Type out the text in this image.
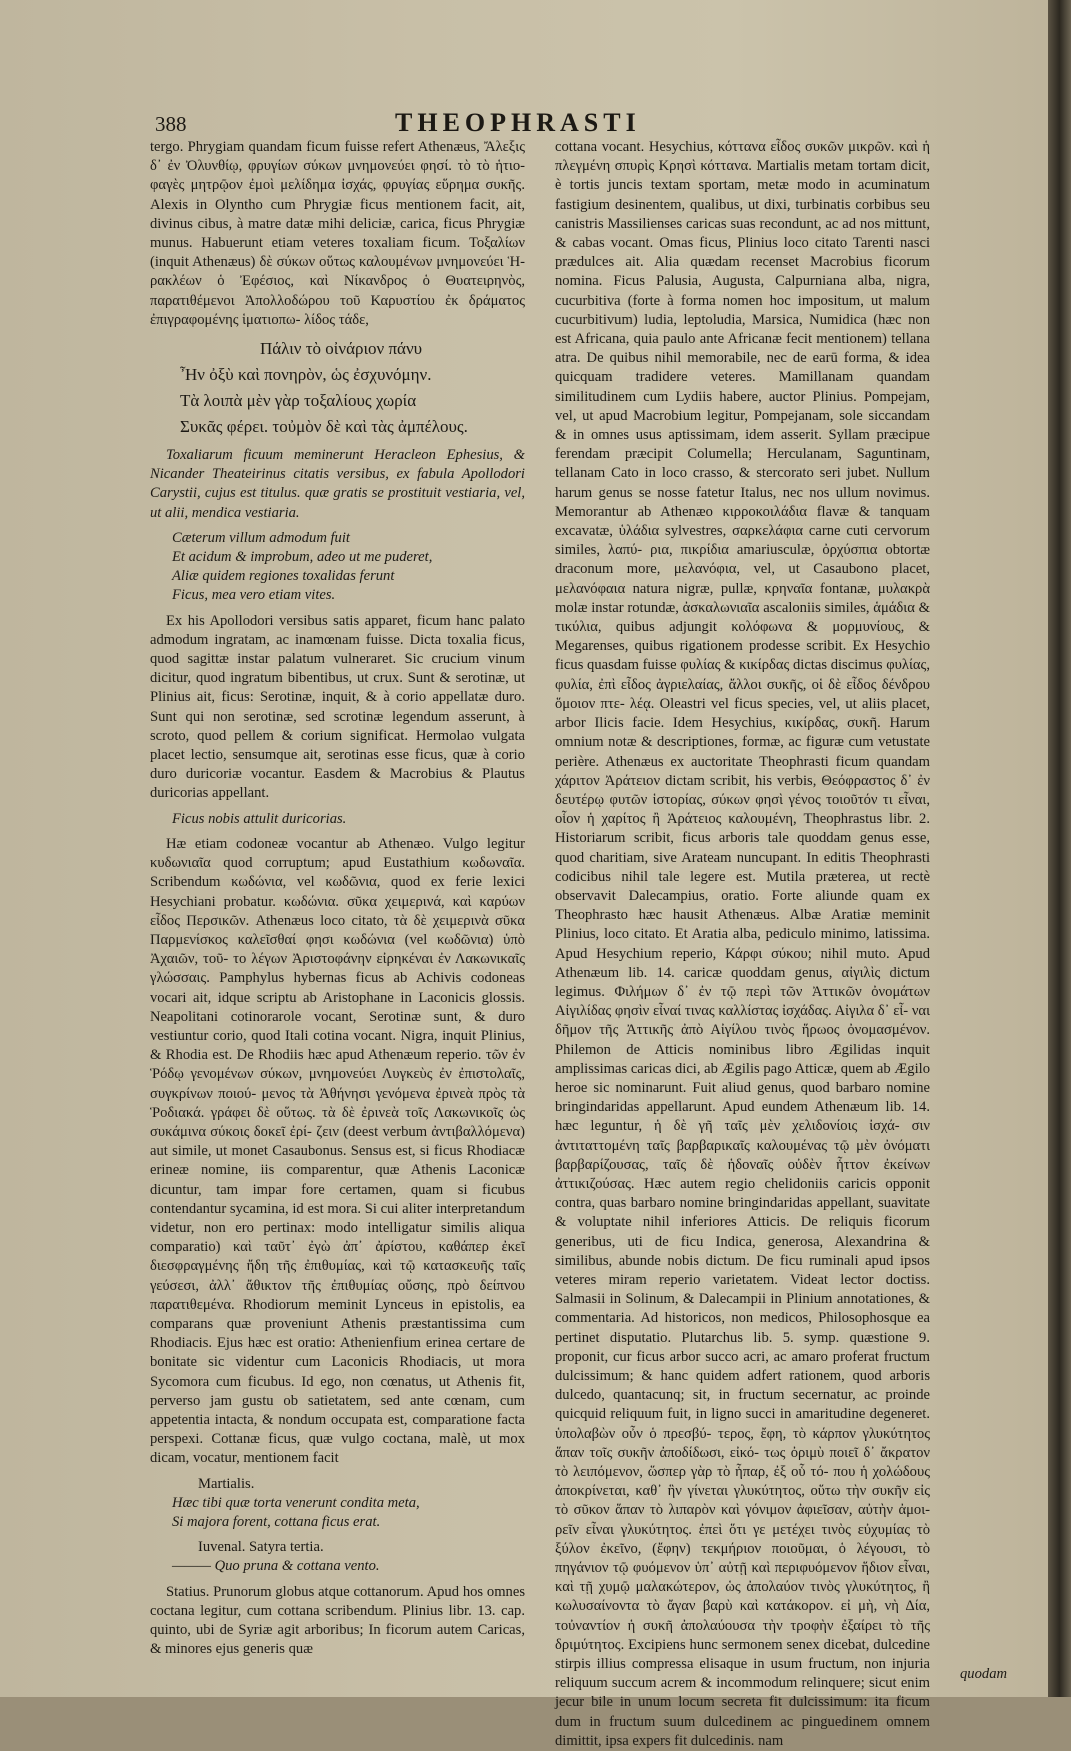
388	THEOPHRASTI

tergo. Phrygiam quandam ficum fuisse refert Athenæus, Ἄλεξις δ᾽ ἐν Ὀλυνθίῳ, φρυγίων σύκων μνημονεύει φησί. τὸ τὸ ἡτιο- φαγὲς μητρῷον ἐμοὶ μελίδημα ἰσχάς, φρυγίας εὕρημα συκῆς. Alexis in Olyntho cum Phrygiæ ficus mentionem facit, ait, divinus cibus, à matre datæ mihi deliciæ, carica, ficus Phrygiæ munus. Habuerunt etiam veteres toxaliam ficum. Τοξαλίων (inquit Athenæus) δὲ σύκων οὕτως καλουμένων μνημονεύει Ἡ- ρακλέων ὁ Ἐφέσιος, καὶ Νίκανδρος ὁ Θυατειρηνὸς, παρατιθέμενοι Ἀπολλοδώρου τοῦ Καρυστίου ἐκ δράματος ἐπιγραφομένης ἱματιοπω- λίδος τάδε,

Πάλιν τὸ οἰνάριον πάνυ
Ἦν ὀξὺ καὶ πονηρὸν, ὡς ἐσχυνόμην.
Τὰ λοιπὰ μὲν γὰρ τοξαλίους χωρία
Συκᾶς φέρει. τοὐμὸν δὲ καὶ τὰς ἀμπέλους.

Toxaliarum ficuum meminerunt Heracleon Ephesius, & Nicander Theateirinus citatis versibus, ex fabula Apollodori Carystii, cujus est titulus. quæ gratis se prostituit vestiaria, vel, ut alii, mendica vestiaria.

Cæterum villum admodum fuit
Et acidum & improbum, adeo ut me puderet,
Aliæ quidem regiones toxalidas ferunt
Ficus, mea vero etiam vites.

Ex his Apollodori versibus satis apparet, ficum hanc palato admodum ingratam, ac inamœnam fuisse. Dicta toxalia ficus, quod sagittæ instar palatum vulneraret. Sic crucium vinum dicitur, quod ingratum bibentibus, ut crux. Sunt & serotinæ, ut Plinius ait, ficus: Serotinæ, inquit, & à corio appellatæ duro. Sunt qui non serotinæ, sed scrotinæ legendum asserunt, à scroto, quod pellem & corium significat. Hermolao vulgata placet lectio, sensumque ait, serotinas esse ficus, quæ à corio duro duricoriæ vocantur. Easdem & Macrobius & Plautus duricorias appellant.

Ficus nobis attulit duricorias.

Hæ etiam codoneæ vocantur ab Athenæo. Vulgo legitur κυδωνιαῖα quod corruptum; apud Eustathium κωδωναῖα. Scribendum κωδώνια, vel κωδῶνια, quod ex ferie lexici Hesychiani probatur. κωδώνια. σῦκα χειμερινά, καὶ καρύων εἶδος Περσικῶν. Athenæus loco citato, τὰ δὲ χειμερινὰ σῦκα Παρμενίσκος καλεῖσθαί φησι κωδώνια (vel κωδῶνια) ὑπὸ Ἀχαιῶν, τοῦ- το λέγων Ἀριστοφάνην εἰρηκέναι ἐν Λακωνικαῖς γλώσσαις. Pamphylus hybernas ficus ab Achivis codoneas vocari ait, idque scriptu ab Aristophane in Laconicis glossis. Neapolitani cotinorarole vocant, Serotinæ sunt, & duro vestiuntur corio, quod Itali cotina vocant. Nigra, inquit Plinius, & Rhodia est. De Rhodiis hæc apud Athenæum reperio. τῶν ἐν Ῥόδῳ γενομένων σύκων, μνημονεύει Λυγκεὺς ἐν ἐπιστολαῖς, συγκρίνων ποιού- μενος τὰ Ἀθήνησι γενόμενα ἐρινεὰ πρὸς τὰ Ῥοδιακά. γράφει δὲ οὕτως. τὰ δὲ ἐρινεὰ τοῖς Λακωνικοῖς ὡς συκάμινα σύκοις δοκεῖ ἐρί- ζειν (deest verbum ἀντιβαλλόμενα) aut simile, ut monet Casaubonus. Sensus est, si ficus Rhodiacæ erineæ nomine, iis comparentur, quæ Athenis Laconicæ dicuntur, tam impar fore certamen, quam si ficubus contendantur sycamina, id est mora. Si cui aliter interpretandum videtur, non ero pertinax: modo intelligatur similis aliqua comparatio) καὶ ταῦτ᾽ ἐγὼ ἀπ᾽ ἀρίστου, καθάπερ ἐκεῖ διεσφραγμένης ἤδη τῆς ἐπιθυμίας, καὶ τῷ κατασκευῆς ταῖς γεύσεσι, ἀλλ᾽ ἄθικτον τῆς ἐπιθυμίας οὔσης, πρὸ δείπνου παρατιθεμένα. Rhodiorum meminit Lynceus in epistolis, ea comparans quæ proveniunt Athenis præstantissima cum Rhodiacis. Ejus hæc est oratio: Athenienfium erinea certare de bonitate sic videntur cum Laconicis Rhodiacis, ut mora Sycomora cum ficubus. Id ego, non cœnatus, ut Athenis fit, perverso jam gustu ob satietatem, sed ante cœnam, cum appetentia intacta, & nondum occupata est, comparatione facta perspexi. Cottanæ ficus, quæ vulgo coctana, malè, ut mox dicam, vocatur, mentionem facit

Martialis.

Hæc tibi quæ torta venerunt condita meta,
Si majora forent, cottana ficus erat.

Iuvenal. Satyra tertia.

——— Quo pruna & cottana vento.

Statius. Prunorum globus atque cottanorum. Apud hos omnes coctana legitur, cum cottana scribendum. Plinius libr. 13. cap. quinto, ubi de Syriæ agit arboribus; In ficorum autem Caricas, & minores ejus generis quæ

cottana vocant. Hesychius, κόττανα εἶδος συκῶν μικρῶν. καὶ ἡ πλεγμένη σπυρὶς Κρησὶ κόττανα. Martialis metam tortam dicit, è tortis juncis textam sportam, metæ modo in acuminatum fastigium desinentem, qualibus, ut dixi, turbinatis corbibus seu canistris Massilienses caricas suas recondunt, ac ad nos mittunt, & cabas vocant. Omas ficus, Plinius loco citato Tarenti nasci prædulces ait. Alia quædam recenset Macrobius ficorum nomina. Ficus Palusia, Augusta, Calpurniana alba, nigra, cucurbitiva (forte à forma nomen hoc impositum, ut malum cucurbitivum) ludia, leptoludia, Marsica, Numidica (hæc non est Africana, quia paulo ante Africanæ fecit mentionem) tellana atra. De quibus nihil memorabile, nec de earū forma, & idea quicquam tradidere veteres. Mamillanam quandam similitudinem cum Lydiis habere, auctor Plinius. Pompejam, vel, ut apud Macrobium legitur, Pompejanam, sole siccandam & in omnes usus aptissimam, idem asserit. Syllam præcipue ferendam præcipit Columella; Herculanam, Saguntinam, tellanam Cato in loco crasso, & stercorato seri jubet. Nullum harum genus se nosse fatetur Italus, nec nos ullum novimus. Memorantur ab Athenæo κιρροκοιλάδια flavæ & tanquam excavatæ, ὑλάδια sylvestres, σαρκελάφια carne cuti cervorum similes, λαπύ- ρια, πικρίδια amariusculæ, ὀρχύσπια obtortæ draconum more, μελανόφια, vel, ut Casaubono placet, μελανόφαια natura nigræ, pullæ, κρηναῖα fontanæ, μυλακρὰ molæ instar rotundæ, ἀσκαλωνιαῖα ascaloniis similes, ἁμάδια & τικύλια, quibus adjungit κολόφωνα & μορμυνίους, & Megarenses, quibus rigationem prodesse scribit. Ex Hesychio ficus quasdam fuisse φυλίας & κικίρδας dictas discimus φυλίας, φυλία, ἐπὶ εἶδος ἀγριελαίας, ἄλλοι συκῆς, οἱ δὲ εἶδος δένδρου ὅμοιον πτε- λέᾳ. Oleastri vel ficus species, vel, ut aliis placet, arbor Ilicis facie. Idem Hesychius, κικίρδας, συκῆ. Harum omnium notæ & descriptiones, formæ, ac figuræ cum vetustate perière. Athenæus ex auctoritate Theophrasti ficum quandam χάριτον Ἀράτειον dictam scribit, his verbis, Θεόφραστος δ᾽ ἐν δευτέρῳ φυτῶν ἱστορίας, σύκων φησὶ γένος τοιοῦτόν τι εἶναι, οἷον ἡ χαρίτος ἢ Ἀράτειος καλουμένη, Theophrastus libr. 2. Historiarum scribit, ficus arboris tale quoddam genus esse, quod charitiam, sive Arateam nuncupant. In editis Theophrasti codicibus nihil tale legere est. Mutila præterea, ut rectè observavit Dalecampius, oratio. Forte aliunde quam ex Theophrasto hæc hausit Athenæus. Albæ Aratiæ meminit Plinius, loco citato. Et Aratia alba, pediculo minimo, latissima. Apud Hesychium reperio, Κάρφι σύκου; nihil muto. Apud Athenæum lib. 14. caricæ quoddam genus, αἰγιλὶς dictum legimus. Φιλήμων δ᾽ ἐν τῷ περὶ τῶν Ἀττικῶν ὀνομάτων Αἰγιλίδας φησὶν εἶναί τινας καλλίστας ἰσχάδας. Αἰγιλα δ᾽ εἶ- ναι δῆμον τῆς Ἀττικῆς ἀπὸ Αἰγίλου τινὸς ἥρωος ὀνομασμένον. Philemon de Atticis nominibus libro Ægilidas inquit amplissimas caricas dici, ab Ægilis pago Atticæ, quem ab Ægilo heroe sic nominarunt. Fuit aliud genus, quod barbaro nomine bringindaridas appellarunt. Apud eundem Athenæum lib. 14. hæc leguntur, ἡ δὲ γῆ ταῖς μὲν χελιδονίοις ἰσχά- σιν ἀντιταττομένη ταῖς βαρβαρικαῖς καλουμένας τῷ μὲν ὀνόματι βαρβαρίζουσας, ταῖς δὲ ἡδοναῖς οὐδὲν ἧττον ἐκείνων ἀττικιζούσας. Hæc autem regio chelidoniis caricis opponit contra, quas barbaro nomine bringindaridas appellant, suavitate & voluptate nihil inferiores Atticis. De reliquis ficorum generibus, uti de ficu Indica, generosa, Alexandrina & similibus, abunde nobis dictum. De ficu ruminali apud ipsos veteres miram reperio varietatem. Videat lector doctiss. Salmasii in Solinum, & Dalecampii in Plinium annotationes, & commentaria. Ad historicos, non medicos, Philosophosque ea pertinet disputatio. Plutarchus lib. 5. symp. quæstione 9. proponit, cur ficus arbor succo acri, ac amaro proferat fructum dulcissimum; & hanc quidem adfert rationem, quod arboris dulcedo, quantacunq; sit, in fructum secernatur, ac proinde quicquid reliquum fuit, in ligno succi in amaritudine degeneret. ὑπολαβὼν οὖν ὁ πρεσβύ- τερος, ἔφη, τὸ κάρπον γλυκύτητος ἅπαν τοῖς συκῆν ἀποδίδωσι, εἰκό- τως ὀριμὺ ποιεῖ δ᾽ ἄκρατον τὸ λειπόμενον, ὥσπερ γὰρ τὸ ἧπαρ, ἐξ οὗ τό- που ἡ χολώδους ἀποκρίνεται, καθ᾽ ἣν γίνεται γλυκύτητος, οὕτω τὴν συκῆν εἰς τὸ σῦκον ἅπαν τὸ λιπαρὸν καὶ γόνιμον ἀφιεῖσαν, αὐτὴν ἀμοι- ρεῖν εἶναι γλυκύτητος. ἐπεὶ ὅτι γε μετέχει τινὸς εὐχυμίας τὸ ξύλον ἐκεῖνο, (ἔφην) τεκμήριον ποιοῦμαι, ὁ λέγουσι, τὸ πηγάνιον τῷ φυόμενον ὑπ᾽ αὐτῇ καὶ περιφυόμενον ἥδιον εἶναι, καὶ τῇ χυμῷ μαλακώτερον, ὡς ἀπολαύον τινὸς γλυκύτητος, ἢ κωλυσαίνοντα τὸ ἄγαν βαρὺ καὶ κατάκορον. εἰ μὴ, νὴ Δία, τοὐναντίον ἡ συκῆ ἀπολαύουσα τὴν τροφὴν ἐξαίρει τὸ τῆς δριμύτητος. Excipiens hunc sermonem senex dicebat, dulcedine stirpis illius compressa elisaque in usum fructum, non injuria reliquum succum acrem & incommodum relinquere; sicut enim jecur bile in unum locum secreta fit dulcissimum: ita ficum dum in fructum suum dulcedinem ac pinguedinem omnem dimittit, ipsa expers fit dulcedinis. nam

quodam
